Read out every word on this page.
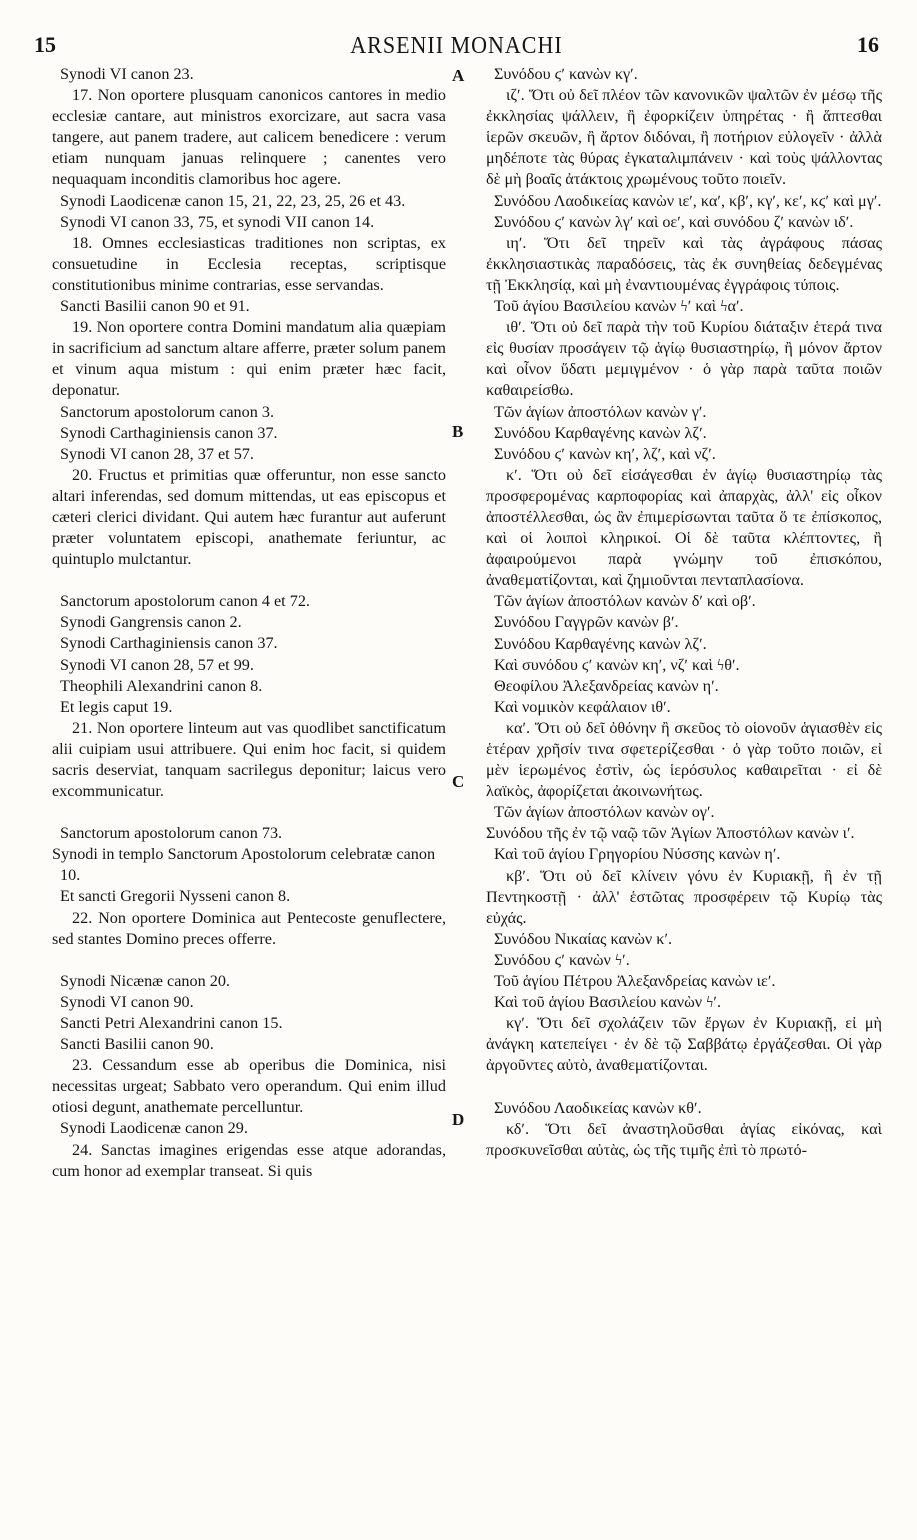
15	ARSENII MONACHI	16
A
B
C
D

Synodi VI canon 23.

17. Non oportere plusquam canonicos cantores in medio ecclesiæ cantare, aut ministros exorcizare, aut sacra vasa tangere, aut panem tradere, aut calicem benedicere : verum etiam nunquam januas relinquere ; canentes vero nequaquam inconditis clamoribus hoc agere.

Synodi Laodicenæ canon 15, 21, 22, 23, 25, 26 et 43.

Synodi VI canon 33, 75, et synodi VII canon 14.

18. Omnes ecclesiasticas traditiones non scriptas, ex consuetudine in Ecclesia receptas, scriptisque constitutionibus minime contrarias, esse servandas.

Sancti Basilii canon 90 et 91.

19. Non oportere contra Domini mandatum alia quæpiam in sacrificium ad sanctum altare afferre, præter solum panem et vinum aqua mistum : qui enim præter hæc facit, deponatur.

Sanctorum apostolorum canon 3.

Synodi Carthaginiensis canon 37.

Synodi VI canon 28, 37 et 57.

20. Fructus et primitias quæ offeruntur, non esse sancto altari inferendas, sed domum mittendas, ut eas episcopus et cæteri clerici dividant. Qui autem hæc furantur aut auferunt præter voluntatem episcopi, anathemate feriuntur, ac quintuplo mulctantur.

Sanctorum apostolorum canon 4 et 72.

Synodi Gangrensis canon 2.

Synodi Carthaginiensis canon 37.

Synodi VI canon 28, 57 et 99.

Theophili Alexandrini canon 8.

Et legis caput 19.

21. Non oportere linteum aut vas quodlibet sanctificatum alii cuipiam usui attribuere. Qui enim hoc facit, si quidem sacris deserviat, tanquam sacrilegus deponitur; laicus vero excommunicatur.

Sanctorum apostolorum canon 73.

Synodi in templo Sanctorum Apostolorum celebratæ canon 10.

Et sancti Gregorii Nysseni canon 8.

22. Non oportere Dominica aut Pentecoste genuflectere, sed stantes Domino preces offerre.

Synodi Nicænæ canon 20.

Synodi VI canon 90.

Sancti Petri Alexandrini canon 15.

Sancti Basilii canon 90.

23. Cessandum esse ab operibus die Dominica, nisi necessitas urgeat; Sabbato vero operandum. Qui enim illud otiosi degunt, anathemate percelluntur.

Synodi Laodicenæ canon 29.

24. Sanctas imagines erigendas esse atque adorandas, cum honor ad exemplar transeat. Si quis

Συνόδου ϛʹ κανὼν κγʹ.

ιζʹ. Ὅτι οὐ δεῖ πλέον τῶν κανονικῶν ψαλτῶν ἐν μέσῳ τῆς ἐκκλησίας ψάλλειν, ἢ ἐφορκίζειν ὑπηρέτας · ἢ ἅπτεσθαι ἱερῶν σκευῶν, ἢ ἄρτον διδόναι, ἢ ποτήριον εὐλογεῖν · ἀλλὰ μηδέποτε τὰς θύρας ἐγκαταλιμπάνειν · καὶ τοὺς ψάλλοντας δὲ μὴ βοαῖς ἀτάκτοις χρωμένους τοῦτο ποιεῖν.

Συνόδου Λαοδικείας κανὼν ιεʹ, καʹ, κβʹ, κγʹ, κεʹ, κϛʹ καὶ μγʹ.

Συνόδου ϛʹ κανὼν λγʹ καὶ οεʹ, καὶ συνόδου ζʹ κανὼν ιδʹ.

ιηʹ. Ὅτι δεῖ τηρεῖν καὶ τὰς ἀγράφους πάσας ἐκκλησιαστικὰς παραδόσεις, τὰς ἐκ συνηθείας δεδεγμένας τῇ Ἐκκλησίᾳ, καὶ μὴ ἐναντιουμένας ἐγγράφοις τύποις.

Τοῦ ἁγίου Βασιλείου κανὼν ϟʹ καὶ ϟαʹ.

ιθʹ. Ὅτι οὐ δεῖ παρὰ τὴν τοῦ Κυρίου διάταξιν ἑτερά τινα εἰς θυσίαν προσάγειν τῷ ἁγίῳ θυσιαστηρίῳ, ἢ μόνον ἄρτον καὶ οἶνον ὕδατι μεμιγμένον · ὁ γὰρ παρὰ ταῦτα ποιῶν καθαιρείσθω.

Τῶν ἁγίων ἀποστόλων κανὼν γʹ.

Συνόδου Καρθαγένης κανὼν λζʹ.

Συνόδου ϛʹ κανὼν κηʹ, λζʹ, καὶ νζʹ.

κʹ. Ὅτι οὐ δεῖ εἰσάγεσθαι ἐν ἁγίῳ θυσιαστηρίῳ τὰς προσφερομένας καρποφορίας καὶ ἀπαρχὰς, ἀλλ' εἰς οἶκον ἀποστέλλεσθαι, ὡς ἂν ἐπιμερίσωνται ταῦτα ὅ τε ἐπίσκοπος, καὶ οἱ λοιποὶ κληρικοί. Οἱ δὲ ταῦτα κλέπτοντες, ἢ ἀφαιρούμενοι παρὰ γνώμην τοῦ ἐπισκόπου, ἀναθεματίζονται, καὶ ζημιοῦνται πενταπλασίονα.

Τῶν ἁγίων ἀποστόλων κανὼν δʹ καὶ οβʹ.

Συνόδου Γαγγρῶν κανὼν βʹ.

Συνόδου Καρθαγένης κανὼν λζʹ.

Καὶ συνόδου ϛʹ κανὼν κηʹ, νζʹ καὶ ϟθʹ.

Θεοφίλου Ἀλεξανδρείας κανὼν ηʹ.

Καὶ νομικὸν κεφάλαιον ιθʹ.

καʹ. Ὅτι οὐ δεῖ ὀθόνην ἢ σκεῦος τὸ οἱονοῦν ἁγιασθὲν εἰς ἑτέραν χρῆσίν τινα σφετερίζεσθαι · ὁ γὰρ τοῦτο ποιῶν, εἰ μὲν ἱερωμένος ἐστὶν, ὡς ἱερόσυλος καθαιρεῖται · εἰ δὲ λαϊκὸς, ἀφορίζεται ἀκοινωνήτως.

Τῶν ἁγίων ἀποστόλων κανὼν ογʹ.

Συνόδου τῆς ἐν τῷ ναῷ τῶν Ἁγίων Ἀποστόλων κανὼν ιʹ.

Καὶ τοῦ ἁγίου Γρηγορίου Νύσσης κανὼν ηʹ.

κβʹ. Ὅτι οὐ δεῖ κλίνειν γόνυ ἐν Κυριακῇ, ἢ ἐν τῇ Πεντηκοστῇ · ἀλλ' ἑστῶτας προσφέρειν τῷ Κυρίῳ τὰς εὐχάς.

Συνόδου Νικαίας κανὼν κʹ.

Συνόδου ϛʹ κανὼν ϟʹ.

Τοῦ ἁγίου Πέτρου Ἀλεξανδρείας κανὼν ιεʹ.

Καὶ τοῦ ἁγίου Βασιλείου κανὼν ϟʹ.

κγʹ. Ὅτι δεῖ σχολάζειν τῶν ἔργων ἐν Κυριακῇ, εἰ μὴ ἀνάγκη κατεπείγει · ἐν δὲ τῷ Σαββάτῳ ἐργάζεσθαι. Οἱ γὰρ ἀργοῦντες αὐτὸ, ἀναθεματίζονται.

Συνόδου Λαοδικείας κανὼν κθʹ.

κδʹ. Ὅτι δεῖ ἀναστηλοῦσθαι ἁγίας εἰκόνας, καὶ προσκυνεῖσθαι αὐτὰς, ὡς τῆς τιμῆς ἐπὶ τὸ πρωτό-
